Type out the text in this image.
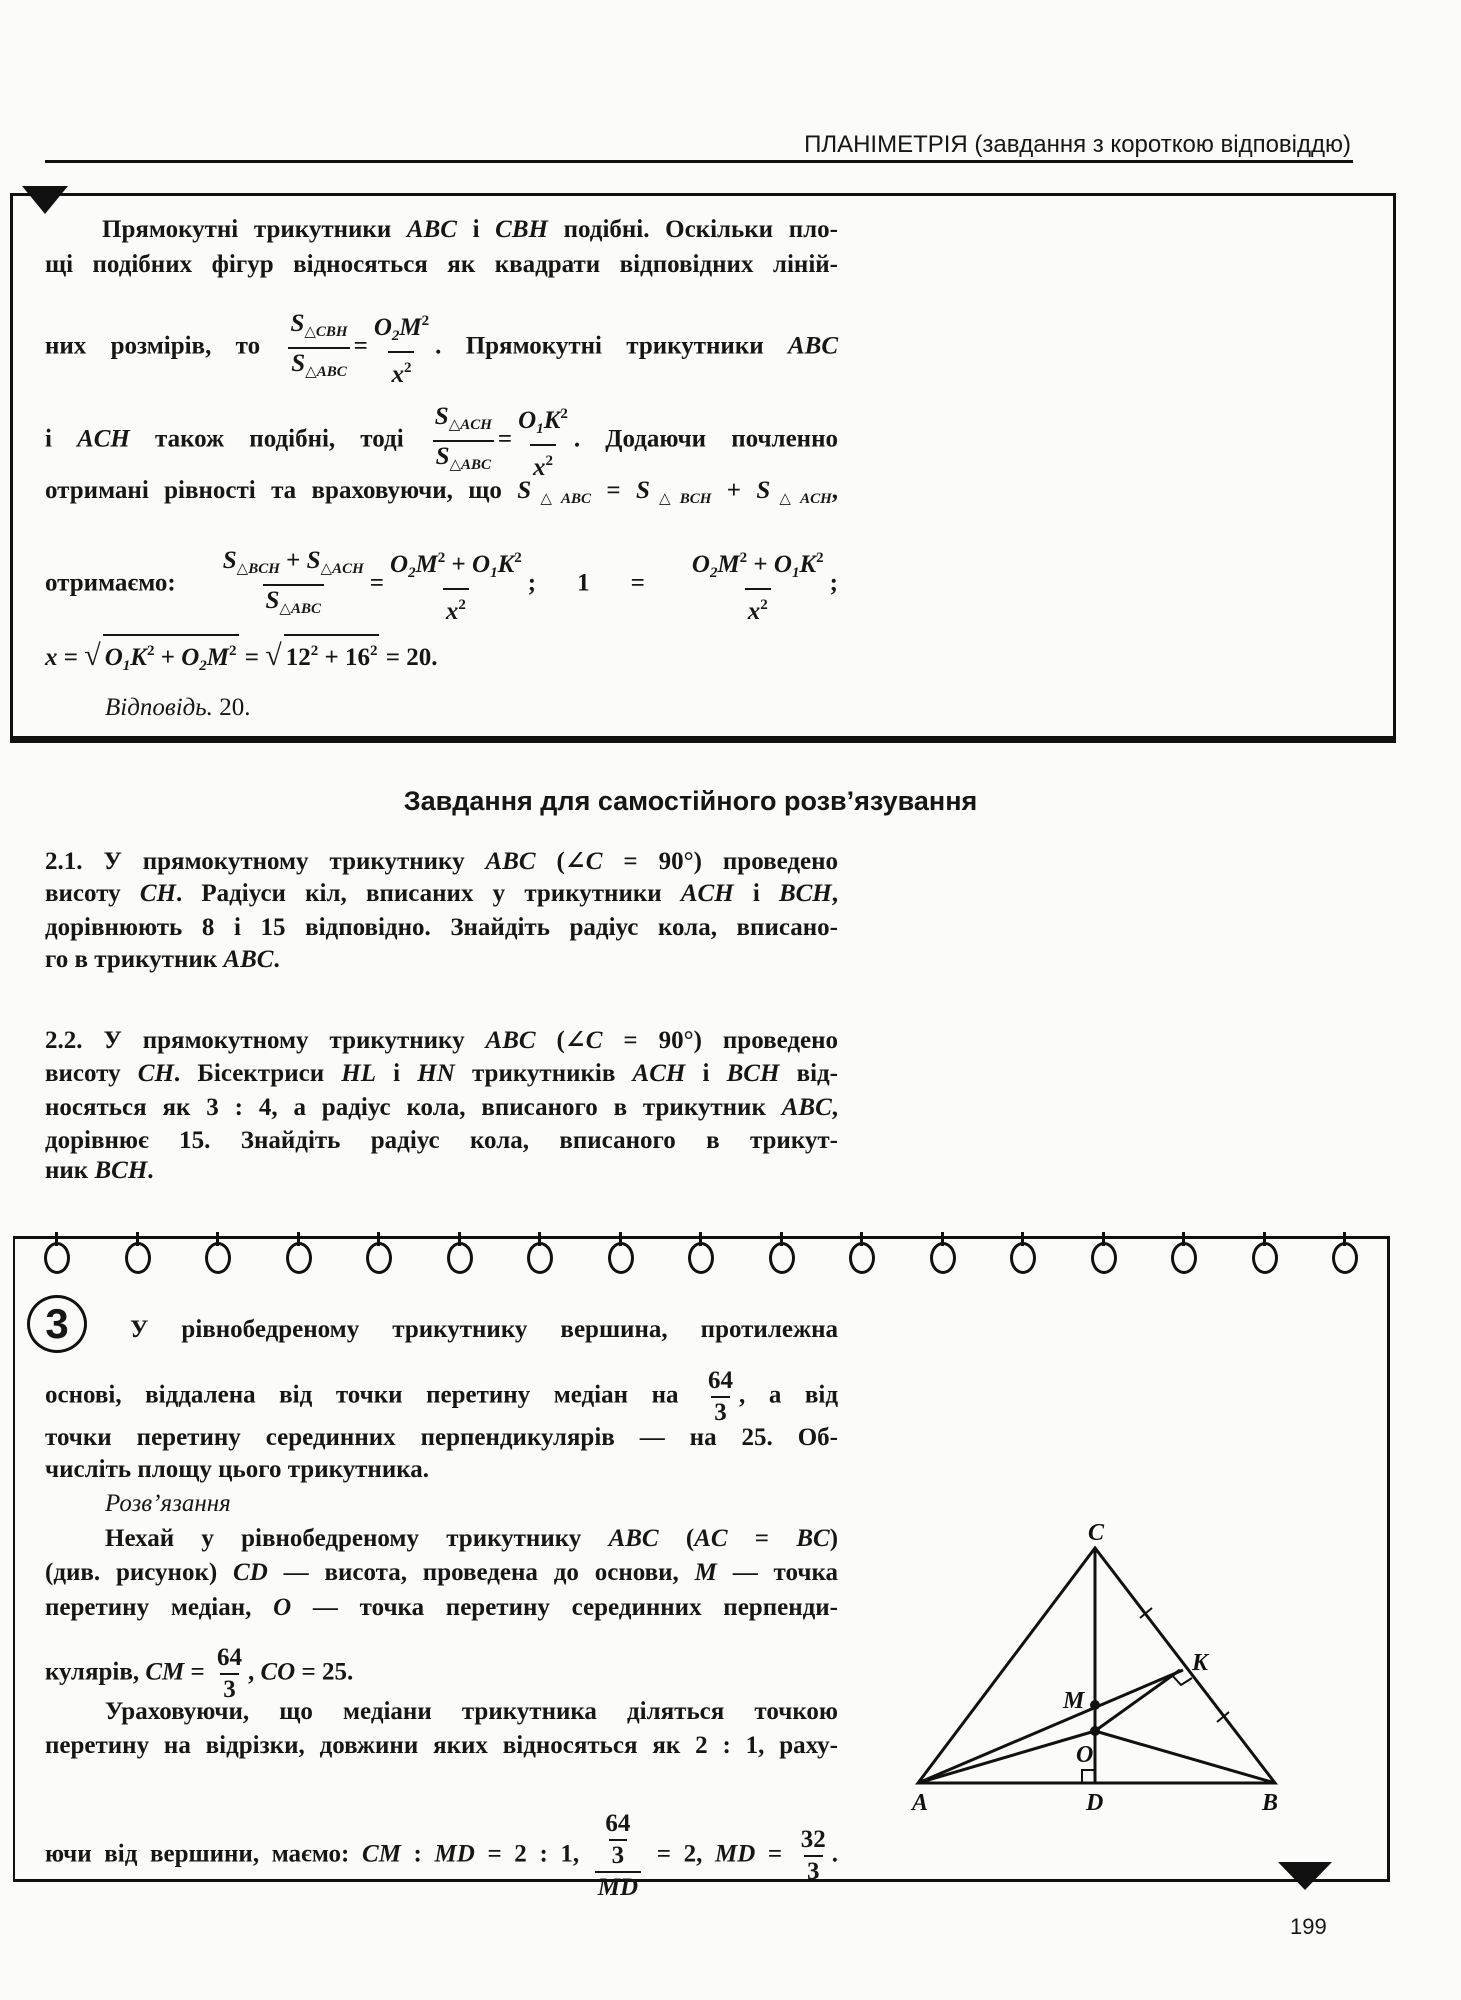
ПЛАНІМЕТРІЯ (завдання з короткою відповіддю)
Прямокутні трикутники ABC і CBH подібні. Оскільки пло-
щі подібних фігур відносяться як квадрати відповідних ліній-
них розмірів, то $\frac{S_{\triangle CBH}}{S_{\triangle ABC}} = \frac{O_2M^2}{x^2}$ . Прямокутні трикутники ABC
і ACH також подібні, тоді $\frac{S_{\triangle ACH}}{S_{\triangle ABC}} = \frac{O_1K^2}{x^2}$ . Додаючи почленно
отримані рівності та враховуючи, що $S_{\triangle ABC} = S_{\triangle BCH} + S_{\triangle ACH}$,
отримаємо: $\frac{S_{\triangle BCH} + S_{\triangle ACH}}{S_{\triangle ABC}} = \frac{O_2M^2 + O_1K^2}{x^2}$ ; $1 = \frac{O_2M^2 + O_1K^2}{x^2}$ ;
x = √ $O_1K^2 + O_2M^2$ = √ $12^2 + 16^2 = 20$.
Відповідь. 20.
Завдання для самостійного розв’язування
2.1. У прямокутному трикутнику ABC (∠C = 90°) проведено
висоту CH. Радіуси кіл, вписаних у трикутники ACH і BCH,
дорівнюють 8 і 15 відповідно. Знайдіть радіус кола, вписано-
го в трикутник ABC.
2.2. У прямокутному трикутнику ABC (∠C = 90°) проведено
висоту CH. Бісектриси HL і HN трикутників ACH і BCH від-
носяться як 3 : 4, а радіус кола, вписаного в трикутник ABC,
дорівнює 15. Знайдіть радіус кола, вписаного в трикут-
ник BCH.
3	У рівнобедреному трикутнику вершина, протилежна
основі, віддалена від точки перетину медіан на $\frac{64}{3}$ , а від
точки перетину серединних перпендикулярів — на 25. Об-
числіть площу цього трикутника.
Розв’язання
Нехай у рівнобедреному трикутнику ABC (AC = BC)
(див. рисунок) CD — висота, проведена до основи, M — точка
перетину медіан, O — точка перетину серединних перпенди-
кулярів, CM = $\frac{64}{3}$ , CO = 25.
Ураховуючи, що медіани трикутника діляться точкою
перетину на відрізки, довжини яких відносяться як 2 : 1, раху-
ючи від вершини, маємо: CM : MD = 2 : 1, $\frac{\frac{64}{3}}{MD} = 2$, MD = $\frac{32}{3}$ .
C
A	B
D
M
O
K
199
